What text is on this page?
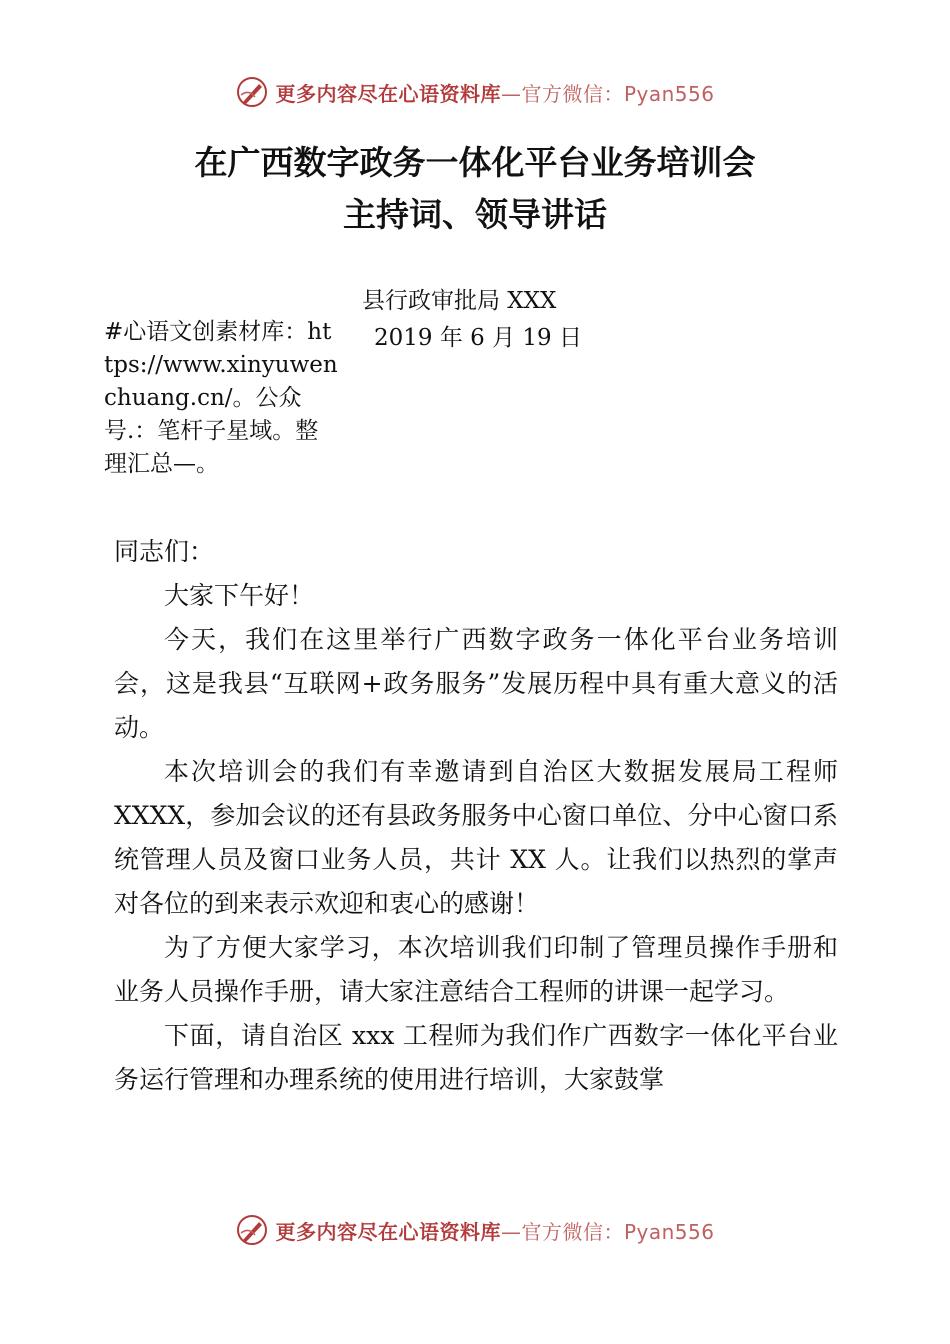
更多内容尽在心语资料库—官方微信：Pyan556
在广西数字政务一体化平台业务培训会
主持词、领导讲话
县行政审批局 XXX
2019 年 6 月 19 日
#心语文创素材库：https://www.xinyuwenchuang.cn/。公众号.：笔杆子星域。整理汇总—。

同志们：

大家下午好！

今天，我们在这里举行广西数字政务一体化平台业务培训会，这是我县“互联网+政务服务”发展历程中具有重大意义的活动。

本次培训会的我们有幸邀请到自治区大数据发展局工程师 XXXX，参加会议的还有县政务服务中心窗口单位、分中心窗口系统管理人员及窗口业务人员，共计 XX 人。让我们以热烈的掌声对各位的到来表示欢迎和衷心的感谢！

为了方便大家学习，本次培训我们印制了管理员操作手册和业务人员操作手册，请大家注意结合工程师的讲课一起学习。

下面，请自治区 xxx 工程师为我们作广西数字一体化平台业务运行管理和办理系统的使用进行培训，大家鼓掌

更多内容尽在心语资料库—官方微信：Pyan556
